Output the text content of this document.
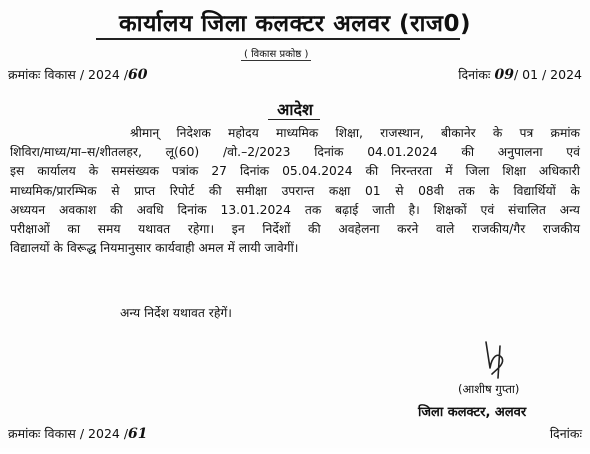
कार्यालय जिला कलक्टर अलवर (राज0)
( विकास प्रकोष्ठ )
क्रमांकः विकास / 2024 /60	दिनांकः 09/ 01 / 2024
आदेश
श्रीमान् निदेशक महोदय माध्यमिक शिक्षा, राजस्थान, बीकानेर के पत्र क्रमांक
शिविरा/माध्य/मा–स/शीतलहर, लू(60) /वो.–2/2023 दिनांक 04.01.2024 की अनुपालना एवं
इस कार्यालय के समसंख्यक पत्रांक 27 दिनांक 05.04.2024 की निरन्तरता में जिला शिक्षा अधिकारी
माध्यमिक/प्रारम्भिक से प्राप्त रिपोर्ट की समीक्षा उपरान्त कक्षा 01 से 08वी तक के विद्यार्थियों के
अध्ययन अवकाश की अवधि दिनांक 13.01.2024 तक बढ़ाई जाती है। शिक्षकों एवं संचालित अन्य
परीक्षाओं का समय यथावत रहेगा। इन निर्देशों की अवहेलना करने वाले राजकीय/गैर राजकीय
विद्यालयों के विरूद्ध नियमानुसार कार्यवाही अमल में लायी जावेगीं।
अन्य निर्देश यथावत रहेगें।
(आशीष गुप्ता)
जिला कलक्टर, अलवर
क्रमांकः विकास / 2024 /61	दिनांकः
